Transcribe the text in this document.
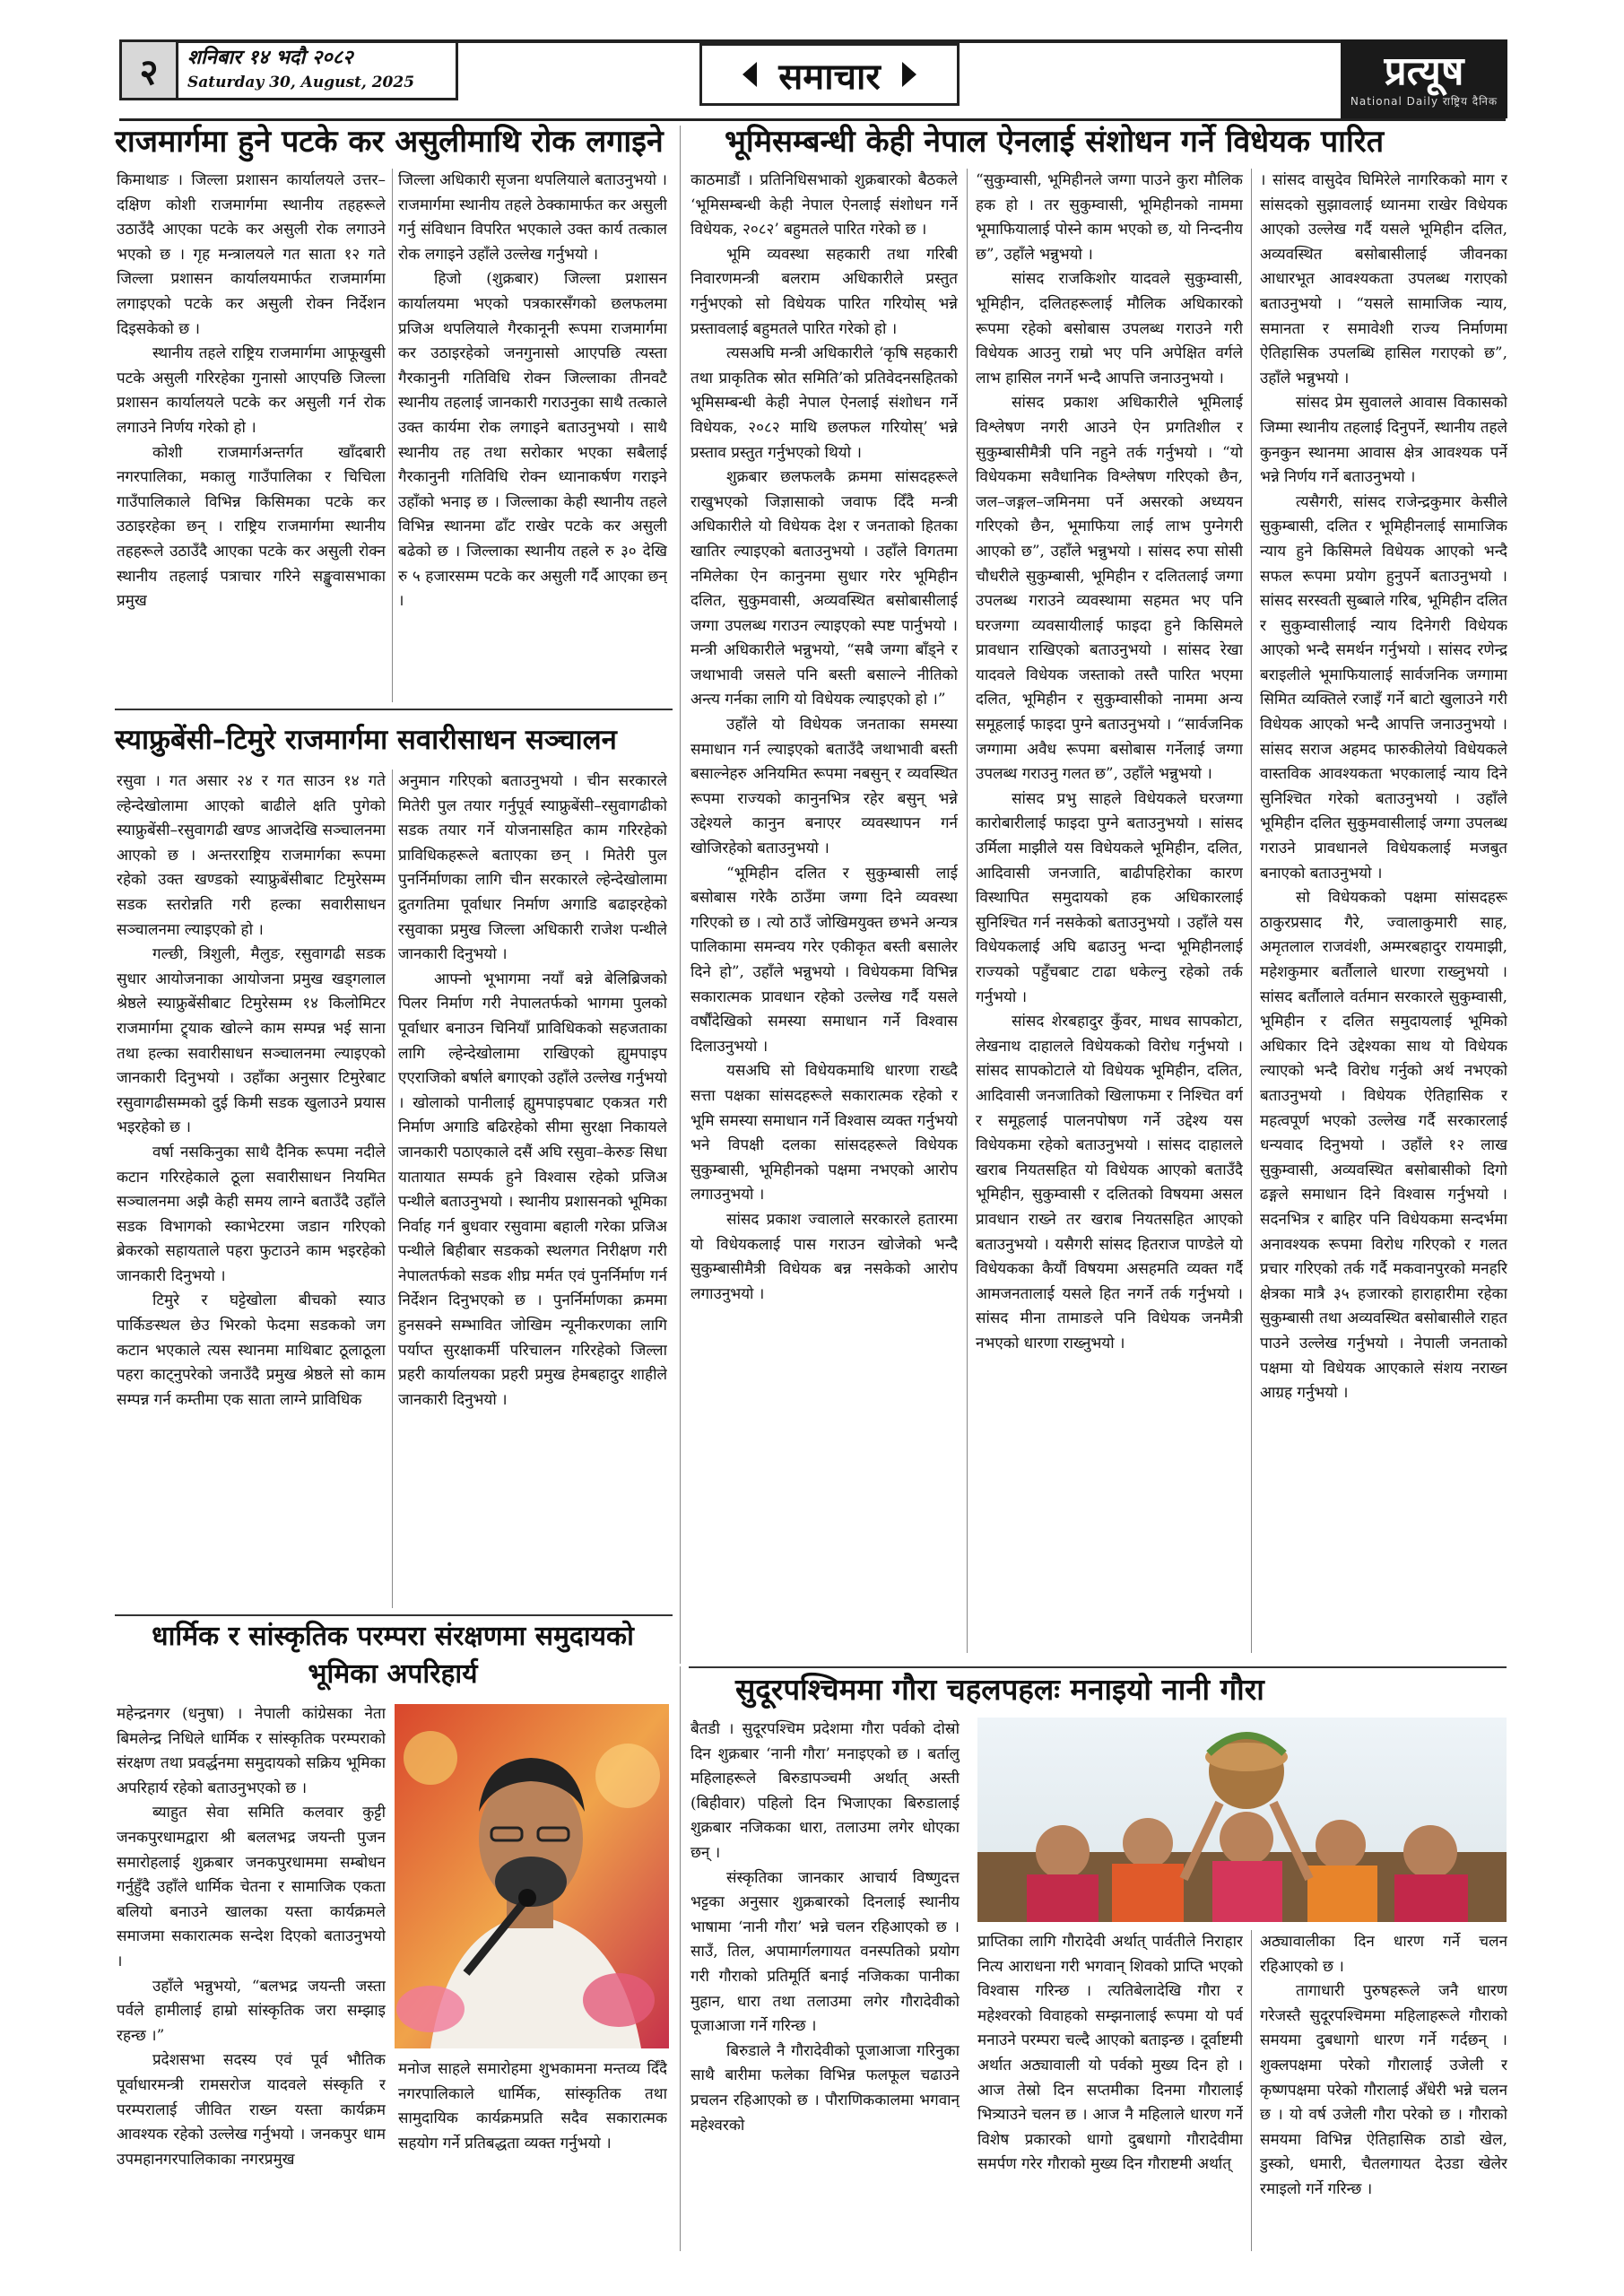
२ शनिबार १४ भदौ २०८२
Saturday 30, August, 2025	समाचार	प्रत्यूष
National Daily राष्ट्रिय दैनिक
राजमार्गमा हुने पटके कर असुलीमाथि रोक लगाइने

किमाथाङ । जिल्ला प्रशासन कार्यालयले उत्तर–दक्षिण कोशी राजमार्गमा स्थानीय तहहरूले उठाउँदै आएका पटके कर असुली रोक लगाउने भएको छ । गृह मन्त्रालयले गत साता १२ गते जिल्ला प्रशासन कार्यालयमार्फत राजमार्गमा लगाइएको पटके कर असुली रोक्न निर्देशन दिइसकेको छ ।

स्थानीय तहले राष्ट्रिय राजमार्गमा आफूखुसी पटके असुली गरिरहेका गुनासो आएपछि जिल्ला प्रशासन कार्यालयले पटके कर असुली गर्न रोक लगाउने निर्णय गरेको हो ।

कोशी राजमार्गअन्तर्गत खाँदबारी नगरपालिका, मकालु गाउँपालिका र चिचिला गाउँपालिकाले विभिन्न किसिमका पटके कर उठाइरहेका छन् । राष्ट्रिय राजमार्गमा स्थानीय तहहरूले उठाउँदै आएका पटके कर असुली रोक्न स्थानीय तहलाई पत्राचार गरिने सङ्खुवासभाका प्रमुख

जिल्ला अधिकारी सृजना थपलियाले बताउनुभयो । राजमार्गमा स्थानीय तहले ठेक्कामार्फत कर असुली गर्नु संविधान विपरित भएकाले उक्त कार्य तत्काल रोक लगाइने उहाँले उल्लेख गर्नुभयो ।

हिजो (शुक्रबार) जिल्ला प्रशासन कार्यालयमा भएको पत्रकारसँगको छलफलमा प्रजिअ थपलियाले गैरकानूनी रूपमा राजमार्गमा कर उठाइरहेको जनगुनासो आएपछि त्यस्ता गैरकानुनी गतिविधि रोक्न जिल्लाका तीनवटै स्थानीय तहलाई जानकारी गराउनुका साथै तत्काले उक्त कार्यमा रोक लगाइने बताउनुभयो । साथै स्थानीय तह तथा सरोकार भएका सबैलाई गैरकानुनी गतिविधि रोक्न ध्यानाकर्षण गराइने उहाँको भनाइ छ । जिल्लाका केही स्थानीय तहले विभिन्न स्थानमा ढाँट राखेर पटके कर असुली बढेको छ । जिल्लाका स्थानीय तहले रु ३० देखि रु ५ हजारसम्म पटके कर असुली गर्दै आएका छन् ।

भूमिसम्बन्धी केही नेपाल ऐनलाई संशोधन गर्ने विधेयक पारित

काठमाडौं । प्रतिनिधिसभाको शुक्रबारको बैठकले ‘भूमिसम्बन्धी केही नेपाल ऐनलाई संशोधन गर्ने विधेयक, २०८२’ बहुमतले पारित गरेको छ ।

भूमि व्यवस्था सहकारी तथा गरिबी निवारणमन्त्री बलराम अधिकारीले प्रस्तुत गर्नुभएको सो विधेयक पारित गरियोस् भन्ने प्रस्तावलाई बहुमतले पारित गरेको हो ।

त्यसअघि मन्त्री अधिकारीले ‘कृषि सहकारी तथा प्राकृतिक स्रोत समिति’को प्रतिवेदनसहितको भूमिसम्बन्धी केही नेपाल ऐनलाई संशोधन गर्ने विधेयक, २०८२ माथि छलफल गरियोस्’ भन्ने प्रस्ताव प्रस्तुत गर्नुभएको थियो ।

शुक्रबार छलफलकै क्रममा सांसदहरूले राखुभएको जिज्ञासाको जवाफ दिँदै मन्त्री अधिकारीले यो विधेयक देश र जनताको हितका खातिर ल्याइएको बताउनुभयो । उहाँले विगतमा नमिलेका ऐन कानुनमा सुधार गरेर भूमिहीन दलित, सुकुमवासी, अव्यवस्थित बसोबासीलाई जग्गा उपलब्ध गराउन ल्याइएको स्पष्ट पार्नुभयो । मन्त्री अधिकारीले भन्नुभयो, “सबै जग्गा बाँड्ने र जथाभावी जसले पनि बस्ती बसाल्ने नीतिको अन्त्य गर्नका लागि यो विधेयक ल्याइएको हो ।”

उहाँले यो विधेयक जनताका समस्या समाधान गर्न ल्याइएको बताउँदै जथाभावी बस्ती बसाल्नेहरु अनियमित रूपमा नबसुन् र व्यवस्थित रूपमा राज्यको कानुनभित्र रहेर बसुन् भन्ने उद्देश्यले कानुन बनाएर व्यवस्थापन गर्न खोजिरहेको बताउनुभयो ।

“भूमिहीन दलित र सुकुम्बासी लाई बसोबास गरेकै ठाउँमा जग्गा दिने व्यवस्था गरिएको छ । त्यो ठाउँ जोखिमयुक्त छभने अन्यत्र पालिकामा समन्वय गरेर एकीकृत बस्ती बसालेर दिने हो”, उहाँले भन्नुभयो । विधेयकमा विभिन्न सकारात्मक प्रावधान रहेको उल्लेख गर्दै यसले वर्षौंदेखिको समस्या समाधान गर्ने विश्वास दिलाउनुभयो ।

यसअघि सो विधेयकमाथि धारणा राख्दै सत्ता पक्षका सांसदहरूले सकारात्मक रहेको र भूमि समस्या समाधान गर्ने विश्वास व्यक्त गर्नुभयो भने विपक्षी दलका सांसदहरूले विधेयक सुकुम्बासी, भूमिहीनको पक्षमा नभएको आरोप लगाउनुभयो ।

सांसद प्रकाश ज्वालाले सरकारले हतारमा यो विधेयकलाई पास गराउन खोजेको भन्दै सुकुम्बासीमैत्री विधेयक बन्न नसकेको आरोप लगाउनुभयो ।

“सुकुम्वासी, भूमिहीनले जग्गा पाउने कुरा मौलिक हक हो । तर सुकुम्वासी, भूमिहीनको नाममा भूमाफियालाई पोस्ने काम भएको छ, यो निन्दनीय छ”, उहाँले भन्नुभयो ।

सांसद राजकिशोर यादवले सुकुम्वासी, भूमिहीन, दलितहरूलाई मौलिक अधिकारको रूपमा रहेको बसोबास उपलब्ध गराउने गरी विधेयक आउनु राम्रो भए पनि अपेक्षित वर्गले लाभ हासिल नगर्ने भन्दै आपत्ति जनाउनुभयो ।

सांसद प्रकाश अधिकारीले भूमिलाई विश्लेषण नगरी आउने ऐन प्रगतिशील र सुकुम्बासीमैत्री पनि नहुने तर्क गर्नुभयो । “यो विधेयकमा सवैधानिक विश्लेषण गरिएको छैन, जल–जङ्गल–जमिनमा पर्ने असरको अध्ययन गरिएको छैन, भूमाफिया लाई लाभ पुग्नेगरी आएको छ”, उहाँले भन्नुभयो । सांसद रुपा सोसी चौधरीले सुकुम्बासी, भूमिहीन र दलितलाई जग्गा उपलब्ध गराउने व्यवस्थामा सहमत भए पनि घरजग्गा व्यवसायीलाई फाइदा हुने किसिमले प्रावधान राखिएको बताउनुभयो । सांसद रेखा यादवले विधेयक जस्ताको तस्तै पारित भएमा दलित, भूमिहीन र सुकुम्वासीको नाममा अन्य समूहलाई फाइदा पुग्ने बताउनुभयो । “सार्वजनिक जग्गामा अवैध रूपमा बसोबास गर्नेलाई जग्गा उपलब्ध गराउनु गलत छ”, उहाँले भन्नुभयो ।

सांसद प्रभु साहले विधेयकले घरजग्गा कारोबारीलाई फाइदा पुग्ने बताउनुभयो । सांसद उर्मिला माझीले यस विधेयकले भूमिहीन, दलित, आदिवासी जनजाति, बाढीपहिरोका कारण विस्थापित समुदायको हक अधिकारलाई सुनिश्चित गर्न नसकेको बताउनुभयो । उहाँले यस विधेयकलाई अघि बढाउनु भन्दा भूमिहीनलाई राज्यको पहुँचबाट टाढा धकेल्नु रहेको तर्क गर्नुभयो ।

सांसद शेरबहादुर कुँवर, माधव सापकोटा, लेखनाथ दाहालले विधेयकको विरोध गर्नुभयो । सांसद सापकोटाले यो विधेयक भूमिहीन, दलित, आदिवासी जनजातिको खिलाफमा र निश्चित वर्ग र समूहलाई पालनपोषण गर्ने उद्देश्य यस विधेयकमा रहेको बताउनुभयो । सांसद दाहालले खराब नियतसहित यो विधेयक आएको बताउँदै भूमिहीन, सुकुम्वासी र दलितको विषयमा असल प्रावधान राख्ने तर खराब नियतसहित आएको बताउनुभयो । यसैगरी सांसद हितराज पाण्डेले यो विधेयकका कैयौं विषयमा असहमति व्यक्त गर्दै आमजनतालाई यसले हित नगर्ने तर्क गर्नुभयो । सांसद मीना तामाङले पनि विधेयक जनमैत्री नभएको धारणा राख्नुभयो ।

। सांसद वासुदेव घिमिरेले नागरिकको माग र सांसदको सुझावलाई ध्यानमा राखेर विधेयक आएको उल्लेख गर्दै यसले भूमिहीन दलित, अव्यवस्थित बसोबासीलाई जीवनका आधारभूत आवश्यकता उपलब्ध गराएको बताउनुभयो । “यसले सामाजिक न्याय, समानता र समावेशी राज्य निर्माणमा ऐतिहासिक उपलब्धि हासिल गराएको छ”, उहाँले भन्नुभयो ।

सांसद प्रेम सुवालले आवास विकासको जिम्मा स्थानीय तहलाई दिनुपर्ने, स्थानीय तहले कुनकुन स्थानमा आवास क्षेत्र आवश्यक पर्ने भन्ने निर्णय गर्ने बताउनुभयो ।

त्यसैगरी, सांसद राजेन्द्रकुमार केसीले सुकुम्बासी, दलित र भूमिहीनलाई सामाजिक न्याय हुने किसिमले विधेयक आएको भन्दै सफल रूपमा प्रयोग हुनुपर्ने बताउनुभयो । सांसद सरस्वती सुब्बाले गरिब, भूमिहीन दलित र सुकुम्वासीलाई न्याय दिनेगरी विधेयक आएको भन्दै समर्थन गर्नुभयो । सांसद रणेन्द्र बराइलीले भूमाफियालाई सार्वजनिक जग्गामा सिमित व्यक्तिले रजाइँ गर्ने बाटो खुलाउने गरी विधेयक आएको भन्दै आपत्ति जनाउनुभयो । सांसद सराज अहमद फारुकीलेयो विधेयकले वास्तविक आवश्यकता भएकालाई न्याय दिने सुनिश्चित गरेको बताउनुभयो । उहाँले भूमिहीन दलित सुकुमवासीलाई जग्गा उपलब्ध गराउने प्रावधानले विधेयकलाई मजबुत बनाएको बताउनुभयो ।

सो विधेयकको पक्षमा सांसदहरू ठाकुरप्रसाद गैरे, ज्वालाकुमारी साह, अमृतलाल राजवंशी, अम्मरबहादुर रायमाझी, महेशकुमार बर्तौलाले धारणा राख्नुभयो । सांसद बर्तौलाले वर्तमान सरकारले सुकुम्वासी, भूमिहीन र दलित समुदायलाई भूमिको अधिकार दिने उद्देश्यका साथ यो विधेयक ल्याएको भन्दै विरोध गर्नुको अर्थ नभएको बताउनुभयो । विधेयक ऐतिहासिक र महत्वपूर्ण भएको उल्लेख गर्दै सरकारलाई धन्यवाद दिनुभयो । उहाँले १२ लाख सुकुम्वासी, अव्यवस्थित बसोबासीको दिगो ढङ्गले समाधान दिने विश्वास गर्नुभयो । सदनभित्र र बाहिर पनि विधेयकमा सन्दर्भमा अनावश्यक रूपमा विरोध गरिएको र गलत प्रचार गरिएको तर्क गर्दै मकवानपुरको मनहरि क्षेत्रका मात्रै ३५ हजारको हाराहारीमा रहेका सुकुम्बासी तथा अव्यवस्थित बसोबासीले राहत पाउने उल्लेख गर्नुभयो । नेपाली जनताको पक्षमा यो विधेयक आएकाले संशय नराख्न आग्रह गर्नुभयो ।

स्याफ्रुबेंसी–टिमुरे राजमार्गमा सवारीसाधन सञ्चालन

रसुवा । गत असार २४ र गत साउन १४ गते ल्हेन्देखोलामा आएको बाढीले क्षति पुगेको स्याफ्रुबेंसी–रसुवागढी खण्ड आजदेखि सञ्चालनमा आएको छ । अन्तरराष्ट्रिय राजमार्गका रूपमा रहेको उक्त खण्डको स्याफ्रुबेंसीबाट टिमुरेसम्म सडक स्तरोन्नति गरी हल्का सवारीसाधन सञ्चालनमा ल्याइएको हो ।

गल्छी, त्रिशुली, मैलुङ, रसुवागढी सडक सुधार आयोजनाका आयोजना प्रमुख खड्गलाल श्रेष्ठले स्याफ्रुबेंसीबाट टिमुरेसम्म १४ किलोमिटर राजमार्गमा ट्र्याक खोल्ने काम सम्पन्न भई साना तथा हल्का सवारीसाधन सञ्चालनमा ल्याइएको जानकारी दिनुभयो । उहाँका अनुसार टिमुरेबाट रसुवागढीसम्मको दुई किमी सडक खुलाउने प्रयास भइरहेको छ ।

वर्षा नसकिनुका साथै दैनिक रूपमा नदीले कटान गरिरहेकाले ठूला सवारीसाधन नियमित सञ्चालनमा अझै केही समय लाग्ने बताउँदै उहाँले सडक विभागको स्काभेटरमा जडान गरिएको ब्रेकरको सहायताले पहरा फुटाउने काम भइरहेको जानकारी दिनुभयो ।

टिमुरे र घट्टेखोला बीचको स्याउ पार्किङस्थल छेउ भिरको फेदमा सडकको जग कटान भएकाले त्यस स्थानमा माथिबाट ठूलाठूला पहरा काट्नुपरेको जनाउँदै प्रमुख श्रेष्ठले सो काम सम्पन्न गर्न कम्तीमा एक साता लाग्ने प्राविधिक

अनुमान गरिएको बताउनुभयो । चीन सरकारले मितेरी पुल तयार गर्नुपूर्व स्याफ्रुबेंसी–रसुवागढीको सडक तयार गर्ने योजनासहित काम गरिरहेको प्राविधिकहरूले बताएका छन् । मितेरी पुल पुनर्निर्माणका लागि चीन सरकारले ल्हेन्देखोलामा द्रुतगतिमा पूर्वाधार निर्माण अगाडि बढाइरहेको रसुवाका प्रमुख जिल्ला अधिकारी राजेश पन्थीले जानकारी दिनुभयो ।

आफ्नो भूभागमा नयाँ बन्ने बेलिब्रिजको पिलर निर्माण गरी नेपालतर्फको भागमा पुलको पूर्वाधार बनाउन चिनियाँ प्राविधिकको सहजताका लागि ल्हेन्देखोलामा राखिएको ह्युमपाइप एएराजिको बर्षाले बगाएको उहाँले उल्लेख गर्नुभयो । खोलाको पानीलाई ह्युमपाइपबाट एकत्रत गरी निर्माण अगाडि बढिरहेको सीमा सुरक्षा निकायले जानकारी पठाएकाले दसैं अघि रसुवा–केरुङ सिधा यातायात सम्पर्क हुने विश्वास रहेको प्रजिअ पन्थीले बताउनुभयो । स्थानीय प्रशासनको भूमिका निर्वाह गर्न बुधवार रसुवामा बहाली गरेका प्रजिअ पन्थीले बिहीबार सडकको स्थलगत निरीक्षण गरी नेपालतर्फको सडक शीघ्र मर्मत एवं पुनर्निर्माण गर्न निर्देशन दिनुभएको छ । पुनर्निर्माणका क्रममा हुनसक्ने सम्भावित जोखिम न्यूनीकरणका लागि पर्याप्त सुरक्षाकर्मी परिचालन गरिरहेको जिल्ला प्रहरी कार्यालयका प्रहरी प्रमुख हेमबहादुर शाहीले जानकारी दिनुभयो ।

धार्मिक र सांस्कृतिक परम्परा संरक्षणमा समुदायको
भूमिका अपरिहार्य

महेन्द्रनगर (धनुषा) । नेपाली कांग्रेसका नेता बिमलेन्द्र निधिले धार्मिक र सांस्कृतिक परम्पराको संरक्षण तथा प्रवर्द्धनमा समुदायको सक्रिय भूमिका अपरिहार्य रहेको बताउनुभएको छ ।

ब्याहुत सेवा समिति कलवार कुट्टी जनकपुरधामद्वारा श्री बललभद्र जयन्ती पुजन समारोहलाई शुक्रबार जनकपुरधाममा सम्बोधन गर्नुहुँदै उहाँले धार्मिक चेतना र सामाजिक एकता बलियो बनाउने खालका यस्ता कार्यक्रमले समाजमा सकारात्मक सन्देश दिएको बताउनुभयो ।

उहाँले भन्नुभयो, “बलभद्र जयन्ती जस्ता पर्वले हामीलाई हाम्रो सांस्कृतिक जरा सम्झाइ रहन्छ ।”

प्रदेशसभा सदस्य एवं पूर्व भौतिक पूर्वाधारमन्त्री रामसरोज यादवले संस्कृति र परम्परालाई जीवित राख्न यस्ता कार्यक्रम आवश्यक रहेको उल्लेख गर्नुभयो । जनकपुर धाम उपमहानगरपालिकाका नगरप्रमुख

मनोज साहले समारोहमा शुभकामना मन्तव्य दिँदै नगरपालिकाले धार्मिक, सांस्कृतिक तथा सामुदायिक कार्यक्रमप्रति सदैव सकारात्मक सहयोग गर्ने प्रतिबद्धता व्यक्त गर्नुभयो ।

सुदूरपश्चिममा गौरा चहलपहलः मनाइयो नानी गौरा

बैतडी । सुदूरपश्चिम प्रदेशमा गौरा पर्वको दोस्रो दिन शुक्रबार ‘नानी गौरा’ मनाइएको छ । बर्तालु महिलाहरूले बिरुडापञ्चमी अर्थात् अस्ती (बिहीवार) पहिलो दिन भिजाएका बिरुडालाई शुक्रबार नजिकका धारा, तलाउमा लगेर धोएका छन् ।

संस्कृतिका जानकार आचार्य विष्णुदत्त भट्टका अनुसार शुक्रबारको दिनलाई स्थानीय भाषामा ‘नानी गौरा’ भन्ने चलन रहिआएको छ । साउँ, तिल, अपामार्गलगायत वनस्पतिको प्रयोग गरी गौराको प्रतिमूर्ति बनाई नजिकका पानीका मुहान, धारा तथा तलाउमा लगेर गौरादेवीको पूजाआजा गर्ने गरिन्छ ।

बिरुडाले नै गौरादेवीको पूजाआजा गरिनुका साथै बारीमा फलेका विभिन्न फलफूल चढाउने प्रचलन रहिआएको छ । पौराणिककालमा भगवान् महेश्वरको

प्राप्तिका लागि गौरादेवी अर्थात् पार्वतीले निराहार नित्य आराधना गरी भगवान् शिवको प्राप्ति भएको विश्वास गरिन्छ । त्यतिबेलादेखि गौरा र महेश्वरको विवाहको सम्झनालाई रूपमा यो पर्व मनाउने परम्परा चल्दै आएको बताइन्छ । दूर्वाष्टमी अर्थात अठ्यावाली यो पर्वको मुख्य दिन हो । आज तेस्रो दिन सप्तमीका दिनमा गौरालाई भित्र्याउने चलन छ । आज नै महिलाले धारण गर्ने विशेष प्रकारको धागो दुबधागो गौरादेवीमा समर्पण गरेर गौराको मुख्य दिन गौराष्टमी अर्थात्

अठ्यावालीका दिन धारण गर्ने चलन रहिआएको छ ।

तागाधारी पुरुषहरूले जनै धारण गरेजस्तै सुदूरपश्चिममा महिलाहरूले गौराको समयमा दुबधागो धारण गर्ने गर्दछन् । शुक्लपक्षमा परेको गौरालाई उजेली र कृष्णपक्षमा परेको गौरालाई अँधेरी भन्ने चलन छ । यो वर्ष उजेली गौरा परेको छ । गौराको समयमा विभिन्न ऐतिहासिक ठाडो खेल, डुस्को, धमारी, चैतलगायत देउडा खेलेर रमाइलो गर्ने गरिन्छ ।
